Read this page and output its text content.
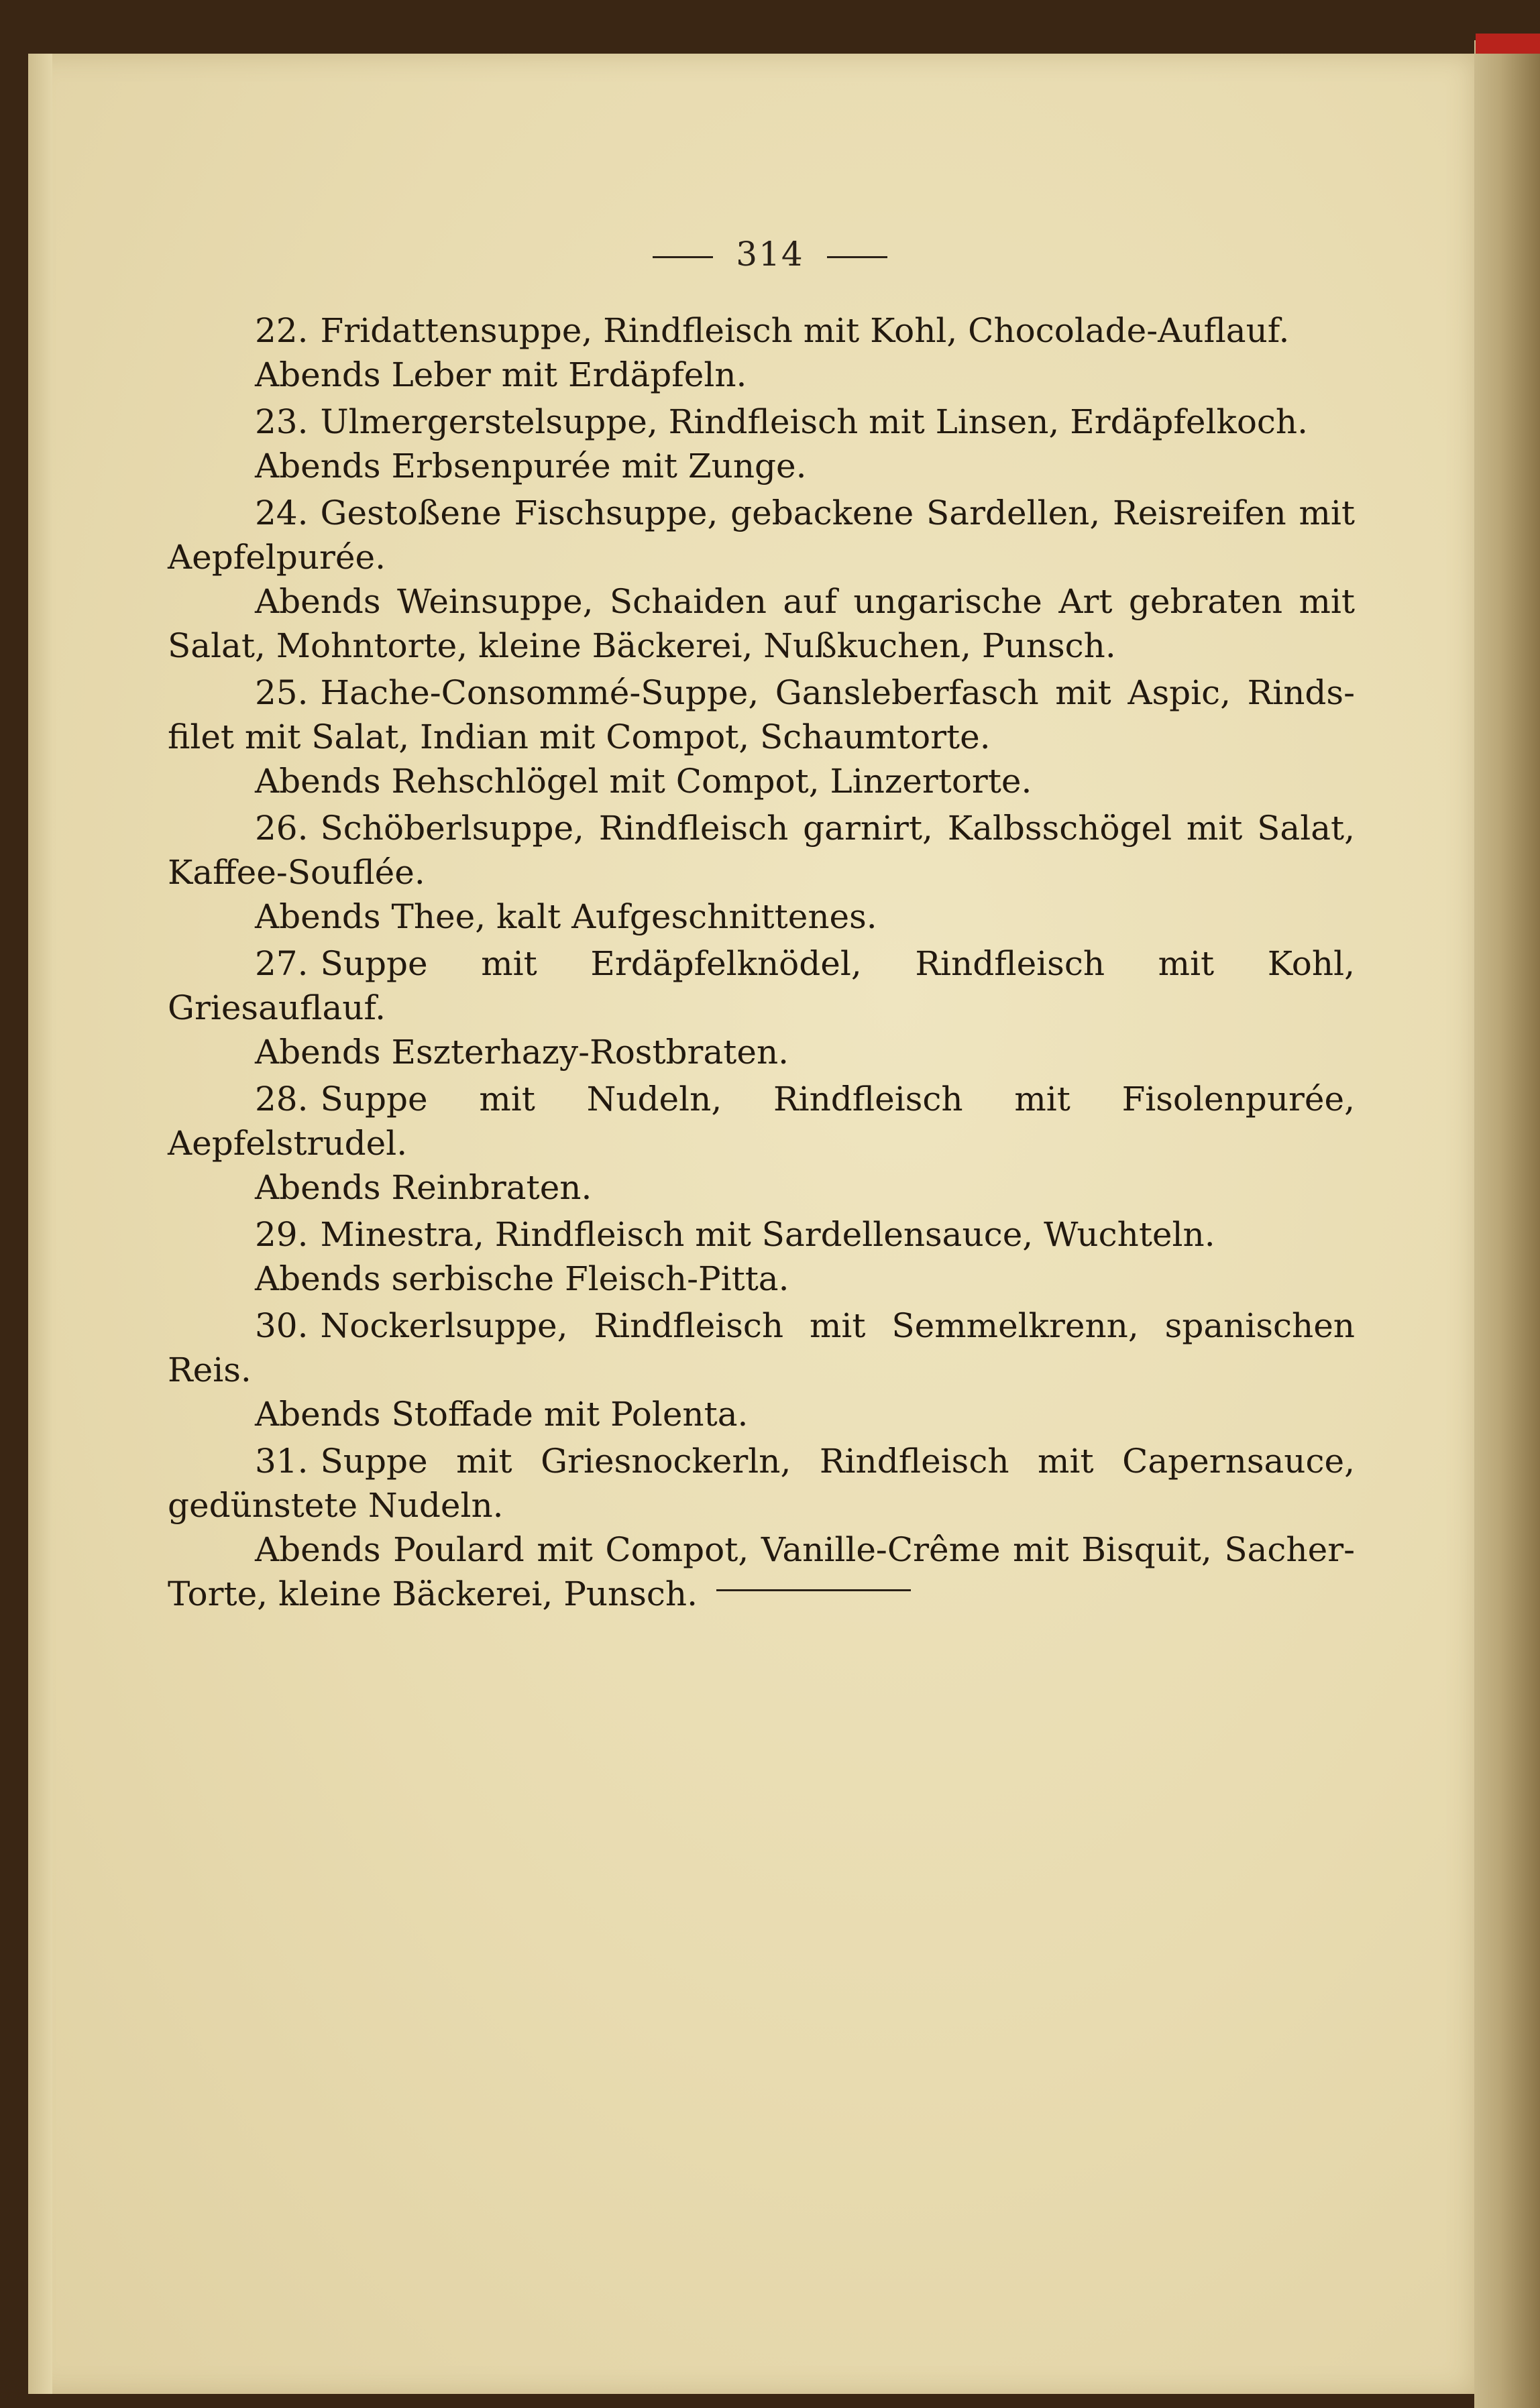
314
22. Fridattensuppe, Rindfleisch mit Kohl, Chocolade-Auflauf.
Abends Leber mit Erdäpfeln.
23. Ulmergerstelsuppe, Rindfleisch mit Linsen, Erdäpfelkoch.
Abends Erbsenpurée mit Zunge.
24. Gestoßene Fischsuppe, gebackene Sardellen, Reisreifen mit Aepfelpurée.
Abends Weinsuppe, Schaiden auf ungarische Art gebraten mit Salat, Mohntorte, kleine Bäckerei, Nußkuchen, Punsch.
25. Hache-Consommé-Suppe, Gansleberfasch mit Aspic, Rinds-filet mit Salat, Indian mit Compot, Schaumtorte.
Abends Rehschlögel mit Compot, Linzertorte.
26. Schöberlsuppe, Rindfleisch garnirt, Kalbsschögel mit Salat, Kaffee-Souflée.
Abends Thee, kalt Aufgeschnittenes.
27. Suppe mit Erdäpfelknödel, Rindfleisch mit Kohl, Griesauflauf.
Abends Eszterhazy-Rostbraten.
28. Suppe mit Nudeln, Rindfleisch mit Fisolenpurée, Aepfelstrudel.
Abends Reinbraten.
29. Minestra, Rindfleisch mit Sardellensauce, Wuchteln.
Abends serbische Fleisch-Pitta.
30. Nockerlsuppe, Rindfleisch mit Semmelkrenn, spanischen Reis.
Abends Stoffade mit Polenta.
31. Suppe mit Griesnockerln, Rindfleisch mit Capernsauce, gedünstete Nudeln.
Abends Poulard mit Compot, Vanille-Crême mit Bisquit, Sacher-Torte, kleine Bäckerei, Punsch.
